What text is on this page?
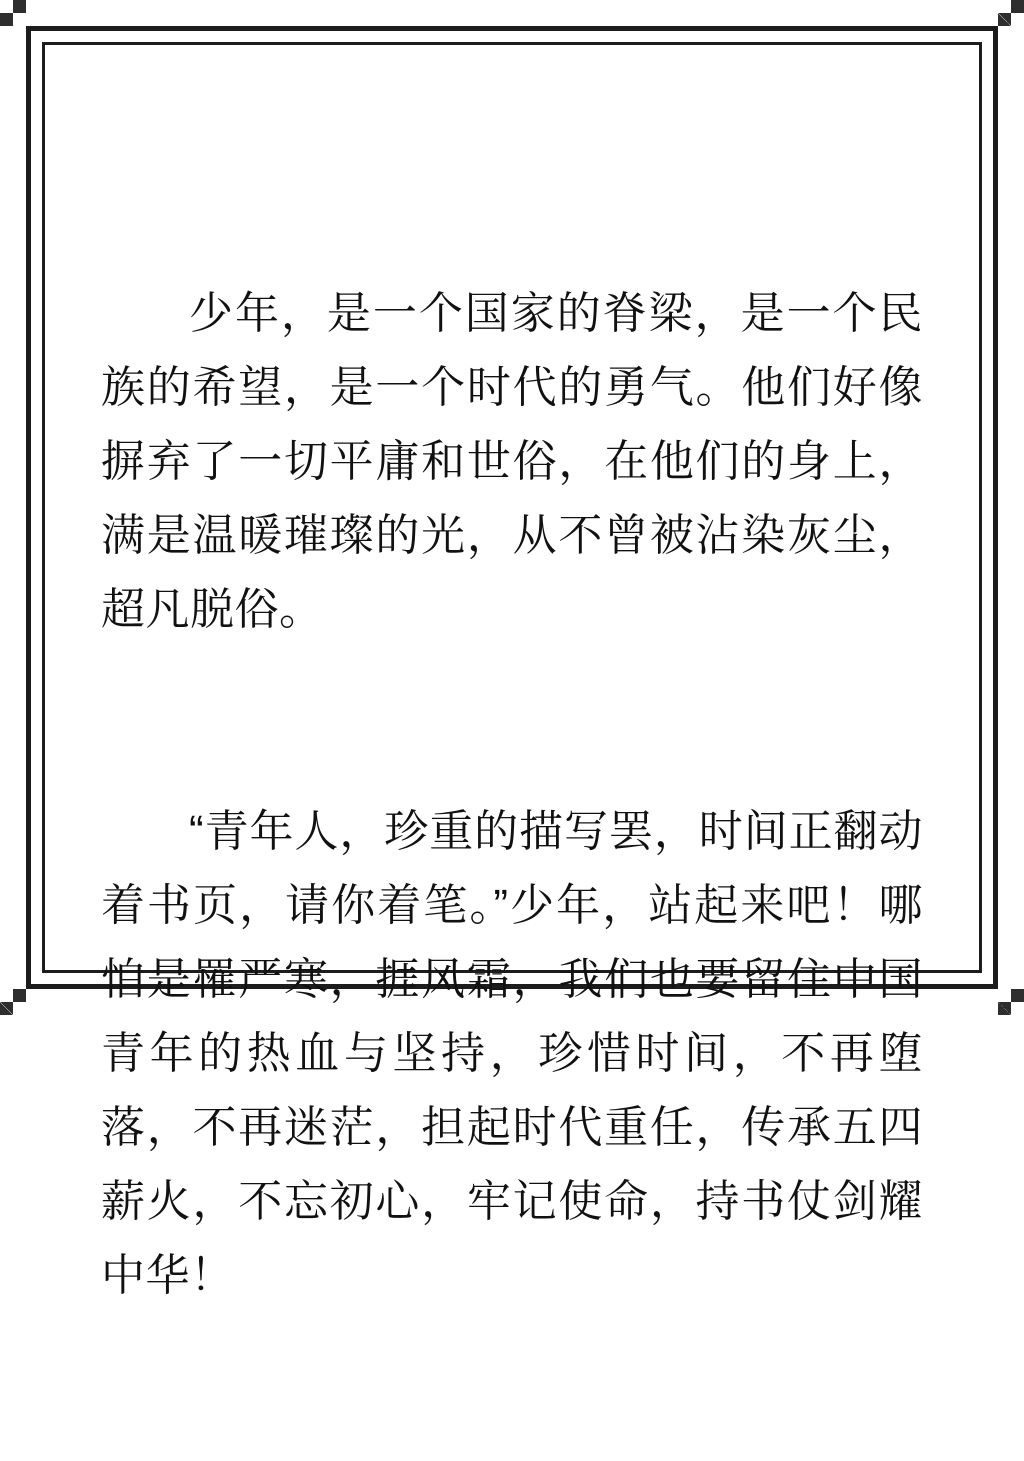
少年，是一个国家的脊梁，是一个民族的希望，是一个时代的勇气。他们好像摒弃了一切平庸和世俗，在他们的身上，满是温暖璀璨的光，从不曾被沾染灰尘，超凡脱俗。

“青年人，珍重的描写罢，时间正翻动着书页，请你着笔。”少年，站起来吧！哪怕是罹严寒，捱风霜，我们也要留住中国青年的热血与坚持，珍惜时间，不再堕落，不再迷茫，担起时代重任，传承五四薪火，不忘初心，牢记使命，持书仗剑耀中华！
